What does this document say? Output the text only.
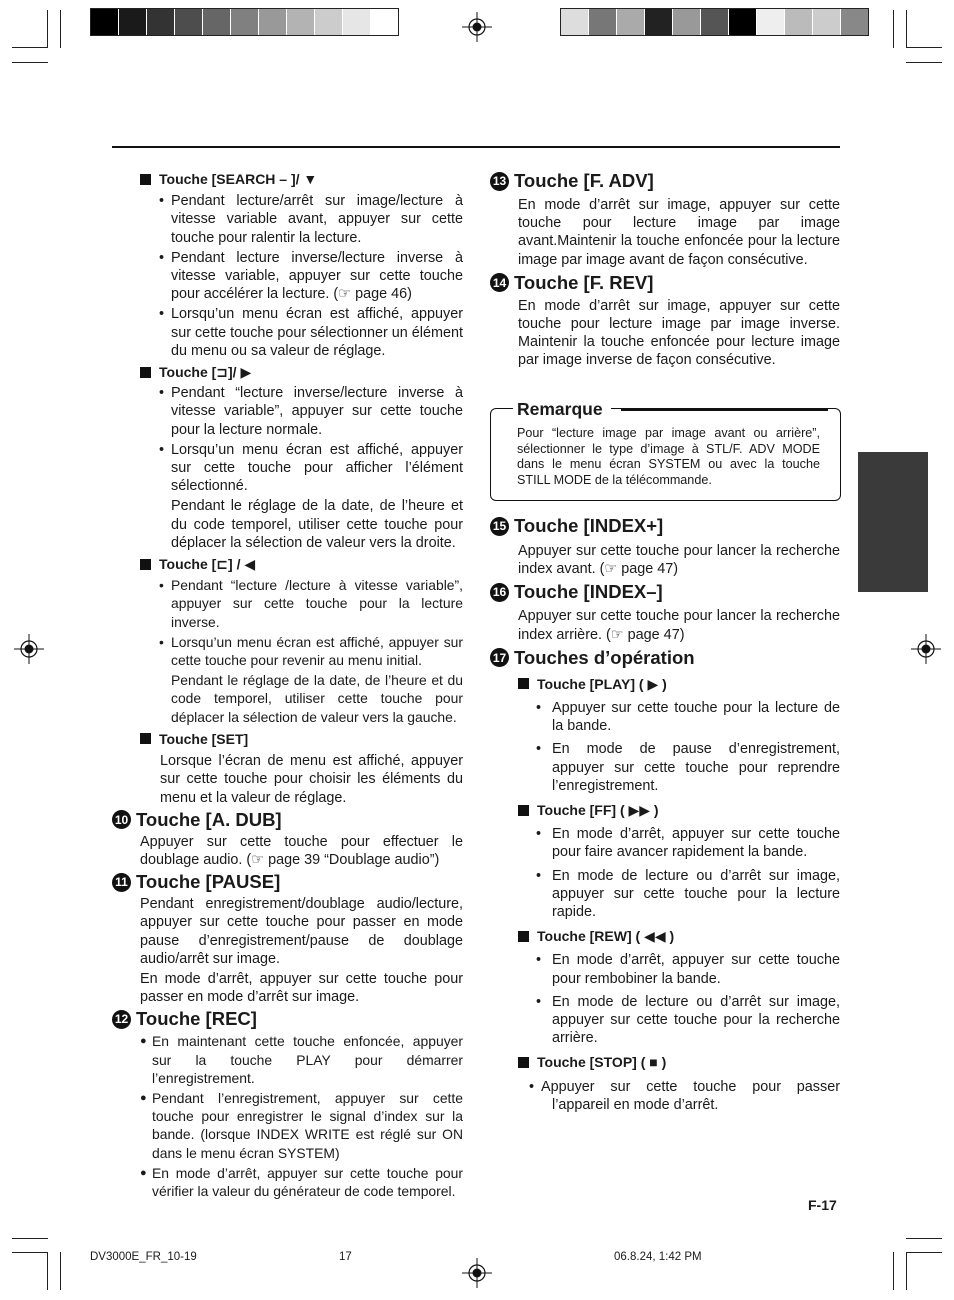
Touche [SEARCH – ]/ ▼

• Pendant lecture/arrêt sur image/lecture à vitesse variable avant, appuyer sur cette touche pour ralentir la lecture.
• Pendant lecture inverse/lecture inverse à vitesse variable, appuyer sur cette touche pour accélérer la lecture. (☞ page 46)
• Lorsqu’un menu écran est affiché, appuyer sur cette touche pour sélectionner un élément du menu ou sa valeur de réglage.

Touche [⊐]/ ▶

• Pendant “lecture inverse/lecture inverse à vitesse variable”, appuyer sur cette touche pour la lecture normale.
• Lorsqu’un menu écran est affiché, appuyer sur cette touche pour afficher l’élément sélectionné.

Pendant le réglage de la date, de l’heure et du code temporel, utiliser cette touche pour déplacer la sélection de valeur vers la droite.

Touche [⊏] / ◀

• Pendant “lecture /lecture à vitesse variable”, appuyer sur cette touche pour la lecture inverse.
• Lorsqu’un menu écran est affiché, appuyer sur cette touche pour revenir au menu initial.

Pendant le réglage de la date, de l’heure et du code temporel, utiliser cette touche pour déplacer la sélection de valeur vers la gauche.

Touche [SET]

Lorsque l’écran de menu est affiché, appuyer sur cette touche pour choisir les éléments du menu et la valeur de réglage.

10 Touche [A. DUB]

Appuyer sur cette touche pour effectuer le doublage audio. (☞ page 39 “Doublage audio”)

11 Touche [PAUSE]

Pendant enregistrement/doublage audio/lecture, appuyer sur cette touche pour passer en mode pause d’enregistrement/pause de doublage audio/arrêt sur image.

En mode d’arrêt, appuyer sur cette touche pour passer en mode d’arrêt sur image.

12 Touche [REC]

● En maintenant cette touche enfoncée, appuyer sur la touche PLAY pour démarrer l’enregistrement.
● Pendant l’enregistrement, appuyer sur cette touche pour enregistrer le signal d’index sur la bande. (lorsque INDEX WRITE est réglé sur ON dans le menu écran SYSTEM)
● En mode d’arrêt, appuyer sur cette touche pour vérifier la valeur du générateur de code temporel.

13 Touche [F. ADV]

En mode d’arrêt sur image, appuyer sur cette touche pour lecture image par image avant.Maintenir la touche enfoncée pour la lecture image par image avant de façon consécutive.

14 Touche [F. REV]

En mode d’arrêt sur image, appuyer sur cette touche pour lecture image par image inverse. Maintenir la touche enfoncée pour lecture image par image inverse de façon consécutive.

Remarque
Pour “lecture image par image avant ou arrière”, sélectionner le type d’image à STL/F. ADV MODE dans le menu écran SYSTEM ou avec la touche STILL MODE de la télécommande.

15 Touche [INDEX+]

Appuyer sur cette touche pour lancer la recherche index avant. (☞ page 47)

16 Touche [INDEX–]

Appuyer sur cette touche pour lancer la recherche index arrière. (☞ page 47)

17 Touches d’opération

Touche [PLAY] ( ▶ )

• Appuyer sur cette touche pour la lecture de la bande.
• En mode de pause d’enregistrement, appuyer sur cette touche pour reprendre l’enregistrement.

Touche [FF] ( ▶▶ )

• En mode d’arrêt, appuyer sur cette touche pour faire avancer rapidement la bande.
• En mode de lecture ou d’arrêt sur image, appuyer sur cette touche pour la lecture rapide.

Touche [REW] ( ◀◀ )

• En mode d’arrêt, appuyer sur cette touche pour rembobiner la bande.
• En mode de lecture ou d’arrêt sur image, appuyer sur cette touche pour la recherche arrière.

Touche [STOP] ( ■ )

• Appuyer sur cette touche pour passer l’appareil en mode d’arrêt.
F-17
DV3000E_FR_10-19	17	06.8.24, 1:42 PM
